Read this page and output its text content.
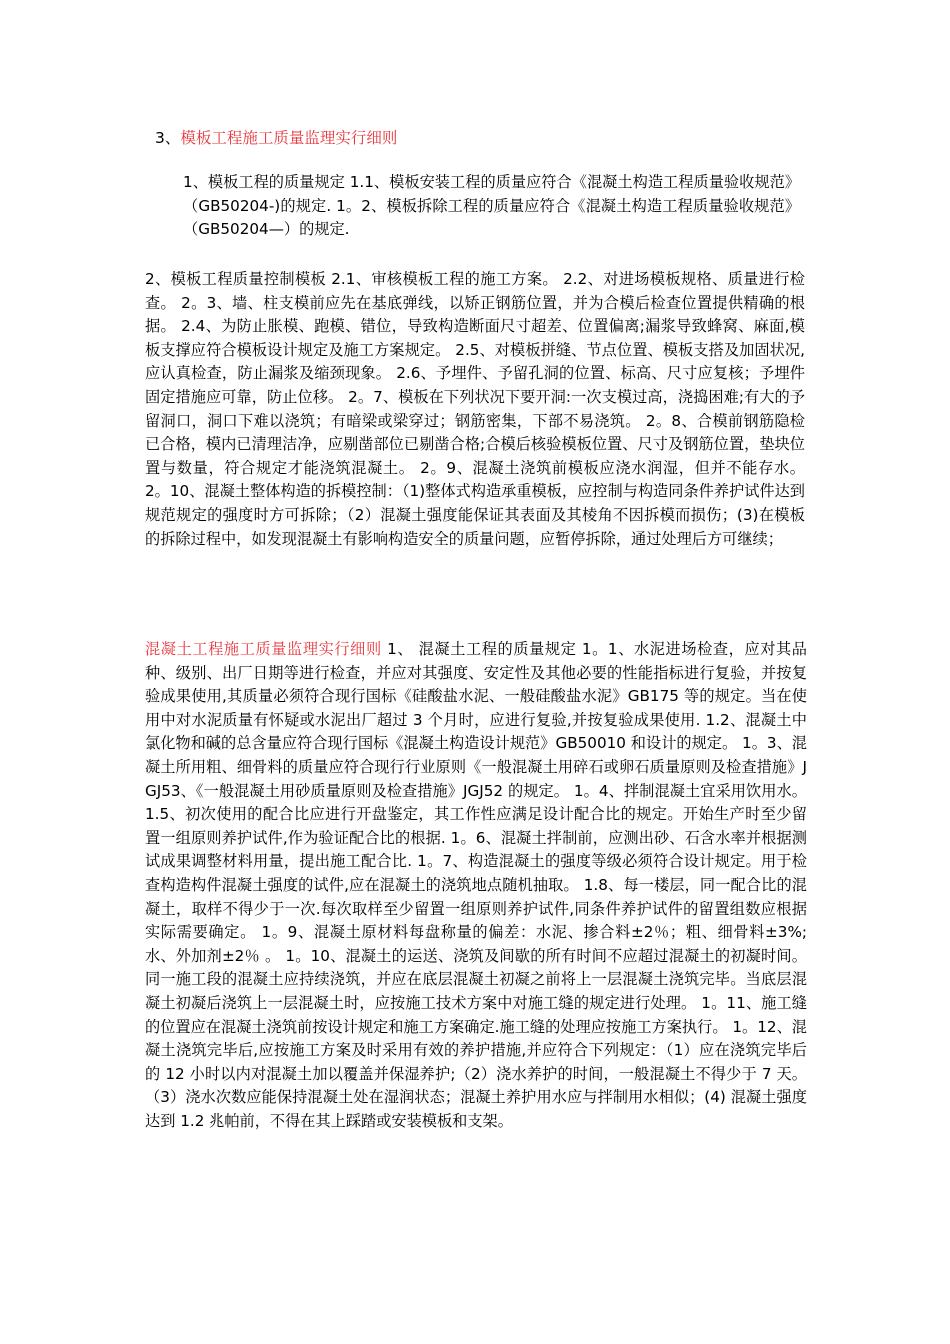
3、模板工程施工质量监理实行细则
1、模板工程的质量规定 1.1、模板安装工程的质量应符合《混凝土构造工程质量验收规范》（GB50204-)的规定. 1。2、模板拆除工程的质量应符合《混凝土构造工程质量验收规范》（GB50204—）的规定.
2、模板工程质量控制模板 2.1、审核模板工程的施工方案。 2.2、对进场模板规格、质量进行检查。 2。3、墙、柱支模前应先在基底弹线，以矫正钢筋位置，并为合模后检查位置提供精确的根据。 2.4、为防止胀模、跑模、错位，导致构造断面尺寸超差、位置偏离;漏浆导致蜂窝、麻面,模板支撑应符合模板设计规定及施工方案规定。 2.5、对模板拼缝、节点位置、模板支搭及加固状况,应认真检查，防止漏浆及缩颈现象。 2.6、予埋件、予留孔洞的位置、标高、尺寸应复核；予埋件固定措施应可靠，防止位移。 2。7、模板在下列状况下要开洞:一次支模过高，浇捣困难;有大的予留洞口，洞口下难以浇筑；有暗梁或梁穿过；钢筋密集，下部不易浇筑。 2。8、合模前钢筋隐检已合格，模内已清理洁净，应剔凿部位已剔凿合格;合模后核验模板位置、尺寸及钢筋位置，垫块位置与数量，符合规定才能浇筑混凝土。 2。9、混凝土浇筑前模板应浇水润湿，但并不能存水。 2。10、混凝土整体构造的拆模控制：（1)整体式构造承重模板，应控制与构造同条件养护试件达到规范规定的强度时方可拆除；（2）混凝土强度能保证其表面及其棱角不因拆模而损伤；(3)在模板的拆除过程中，如发现混凝土有影响构造安全的质量问题，应暂停拆除，通过处理后方可继续；
混凝土工程施工质量监理实行细则 1、 混凝土工程的质量规定 1。1、水泥进场检查，应对其品种、级别、出厂日期等进行检查，并应对其强度、安定性及其他必要的性能指标进行复验，并按复验成果使用,其质量必须符合现行国标《硅酸盐水泥、一般硅酸盐水泥》GB175 等的规定。当在使用中对水泥质量有怀疑或水泥出厂超过 3 个月时，应进行复验,并按复验成果使用. 1.2、混凝土中氯化物和碱的总含量应符合现行国标《混凝土构造设计规范》GB50010 和设计的规定。 1。3、混凝土所用粗、细骨料的质量应符合现行行业原则《一般混凝土用碎石或卵石质量原则及检查措施》JGJ53、《一般混凝土用砂质量原则及检查措施》JGJ52 的规定。 1。4、拌制混凝土宜采用饮用水。 1.5、初次使用的配合比应进行开盘鉴定，其工作性应满足设计配合比的规定。开始生产时至少留置一组原则养护试件,作为验证配合比的根据. 1。6、混凝土拌制前，应测出砂、石含水率并根据测试成果调整材料用量，提出施工配合比. 1。7、构造混凝土的强度等级必须符合设计规定。用于检查构造构件混凝土强度的试件,应在混凝土的浇筑地点随机抽取。 1.8、每一楼层，同一配合比的混凝土，取样不得少于一次.每次取样至少留置一组原则养护试件,同条件养护试件的留置组数应根据实际需要确定。 1。9、混凝土原材料每盘称量的偏差：水泥、掺合料±2％；粗、细骨料±3%;水、外加剂±2％ 。 1。10、混凝土的运送、浇筑及间歇的所有时间不应超过混凝土的初凝时间。同一施工段的混凝土应持续浇筑，并应在底层混凝土初凝之前将上一层混凝土浇筑完毕。当底层混凝土初凝后浇筑上一层混凝土时，应按施工技术方案中对施工缝的规定进行处理。 1。11、施工缝的位置应在混凝土浇筑前按设计规定和施工方案确定.施工缝的处理应按施工方案执行。 1。12、混凝土浇筑完毕后,应按施工方案及时采用有效的养护措施,并应符合下列规定：（1）应在浇筑完毕后的 12 小时以内对混凝土加以覆盖并保湿养护;（2）浇水养护的时间，一般混凝土不得少于 7 天。（3）浇水次数应能保持混凝土处在湿润状态；混凝土养护用水应与拌制用水相似；(4) 混凝土强度达到 1.2 兆帕前，不得在其上踩踏或安装模板和支架。
